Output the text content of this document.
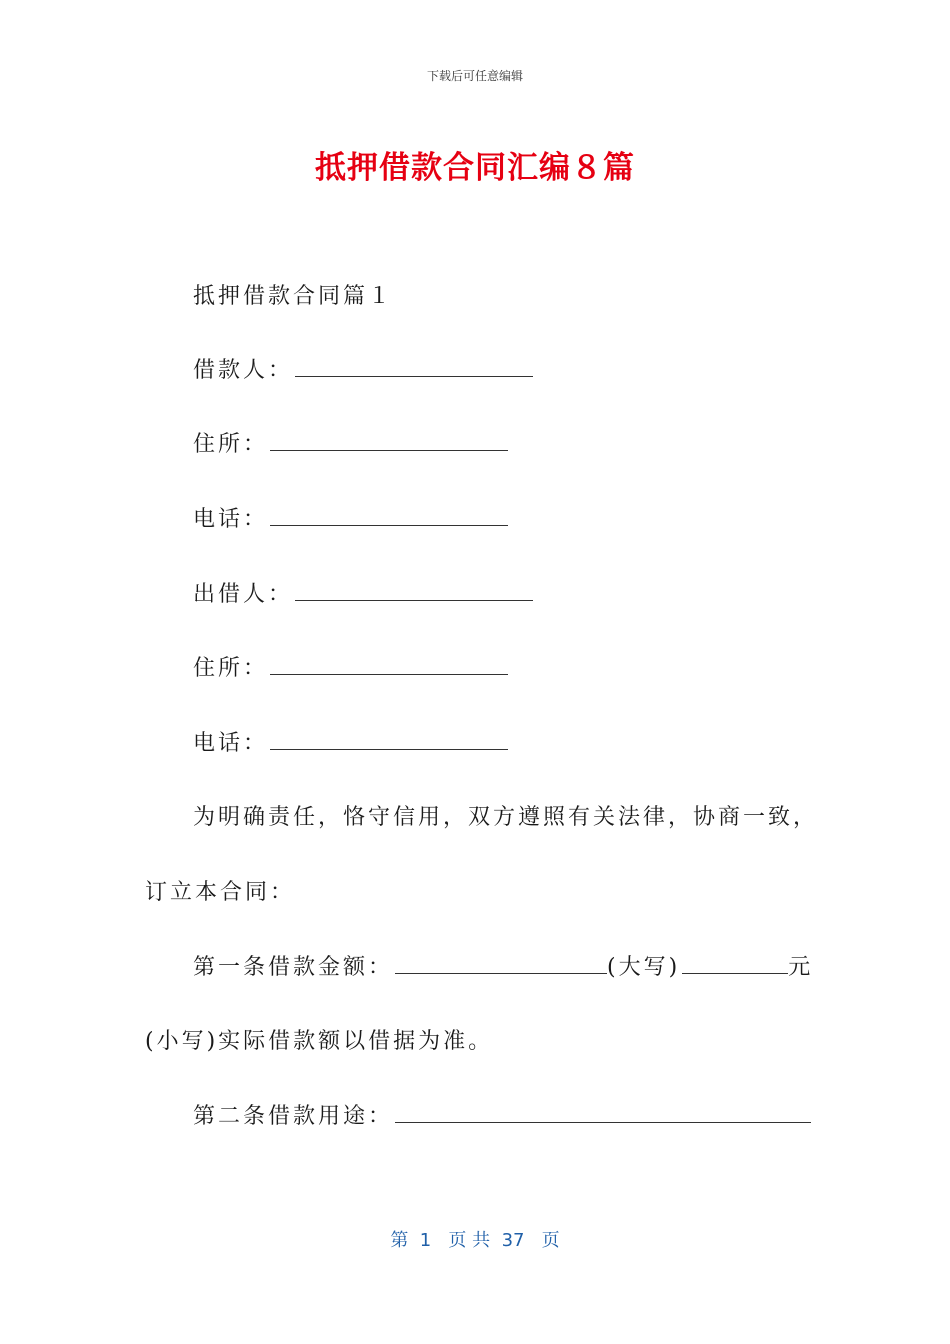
下载后可任意编辑
抵押借款合同汇编８篇
抵押借款合同篇１
借款人：
住所：
电话：
出借人：
住所：
电话：
为明确责任，恪守信用，双方遵照有关法律，协商一致，
订立本合同：
第一条借款金额：	(大写)	元
(小写)实际借款额以借据为准。
第二条借款用途：
第  1   页 共  37   页
